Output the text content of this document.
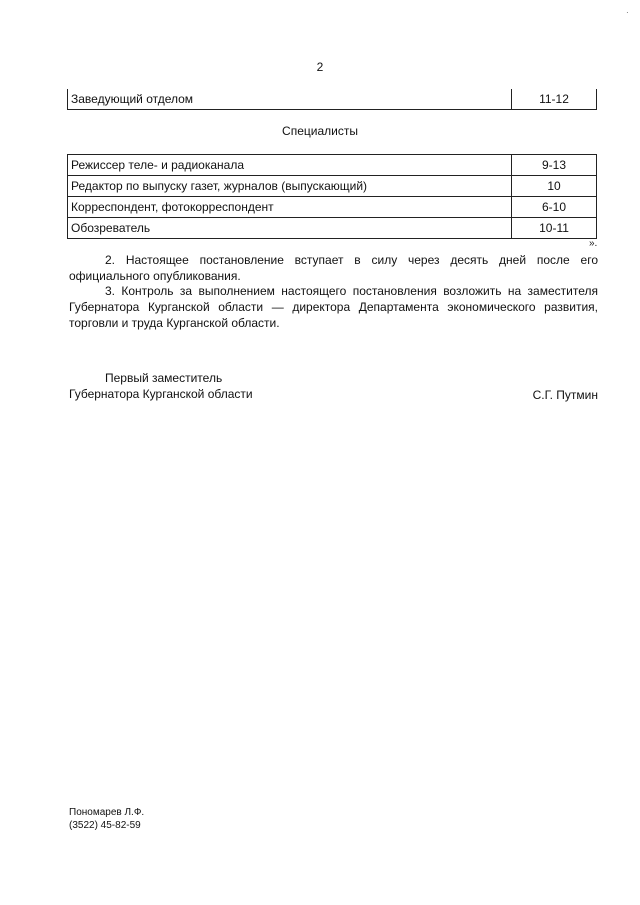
·
2
Заведующий отделом	11-12
Специалисты
Режиссер теле- и радиоканала	9-13
Редактор по выпуску газет, журналов (выпускающий)	10
Корреспондент, фотокорреспондент	6-10
Обозреватель	10-11
».

2. Настоящее постановление вступает в силу через десять дней после его официального опубликования.

3. Контроль за выполнением настоящего постановления возложить на заместителя Губернатора Курганской области — директора Департамента экономического развития, торговли и труда Курганской области.

Первый заместитель
Губернатора Курганской области	С.Г. Путмин
Пономарев Л.Ф.
(3522) 45-82-59
